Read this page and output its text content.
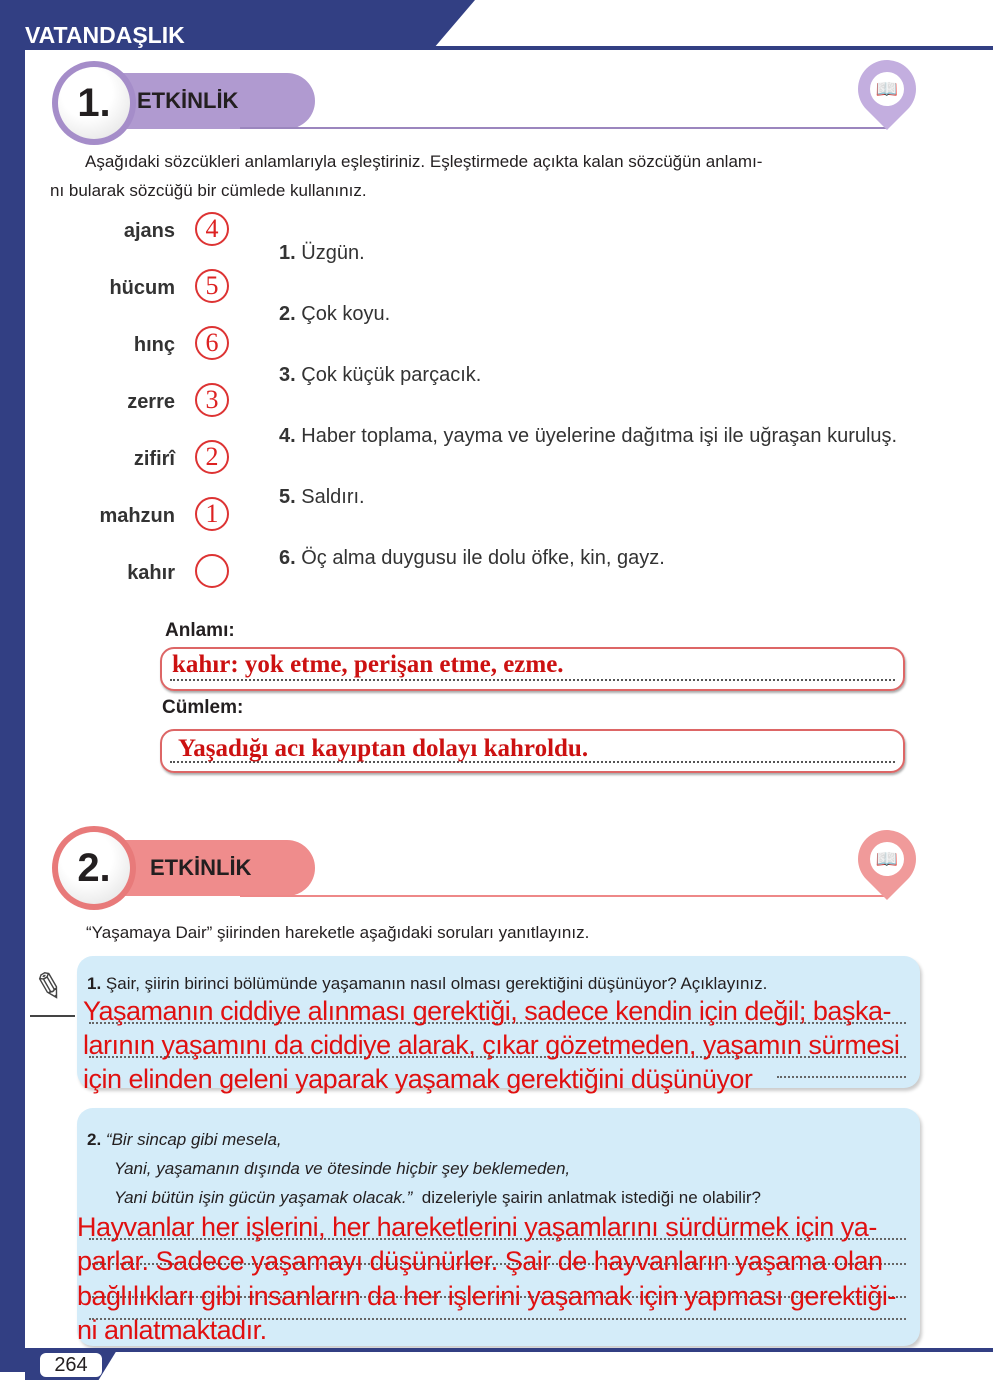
VATANDAŞLIK
1.	ETKİNLİK	📖
Aşağıdaki sözcükleri anlamlarıyla eşleştiriniz. Eşleştirmede açıkta kalan sözcüğün anlamı-
nı bularak sözcüğü bir cümlede kullanınız.
ajans	4
hücum	5
hınç	6
zerre	3
zifirî	2
mahzun	1
kahır
1. Üzgün.
2. Çok koyu.
3. Çok küçük parçacık.
4. Haber toplama, yayma ve üyelerine dağıtma işi ile uğraşan kuruluş.
5. Saldırı.
6. Öç alma duygusu ile dolu öfke, kin, gayz.
Anlamı:
kahır: yok etme, perişan etme, ezme.
Cümlem:
Yaşadığı acı kayıptan dolayı kahroldu.
2.	ETKİNLİK	📖
“Yaşamaya Dair” şiirinden hareketle aşağıdaki soruları yanıtlayınız.
✎ 1. Şair, şiirin birinci bölümünde yaşamanın nasıl olması gerektiğini düşünüyor? Açıklayınız.
Yaşamanın ciddiye alınması gerektiği, sadece kendin için değil; başka-
larının yaşamını da ciddiye alarak, çıkar gözetmeden, yaşamın sürmesi
için elinden geleni yaparak yaşamak gerektiğini düşünüyor
2. “Bir sincap gibi mesela,
Yani, yaşamanın dışında ve ötesinde hiçbir şey beklemeden,
Yani bütün işin gücün yaşamak olacak.” dizeleriyle şairin anlatmak istediği ne olabilir?
Hayvanlar her işlerini, her hareketlerini yaşamlarını sürdürmek için ya-
parlar. Sadece yaşamayı düşünürler. Şair de hayvanların yaşama olan
bağlılıkları gibi insanların da her işlerini yaşamak için yapması gerektiği-
ni anlatmaktadır.
264
